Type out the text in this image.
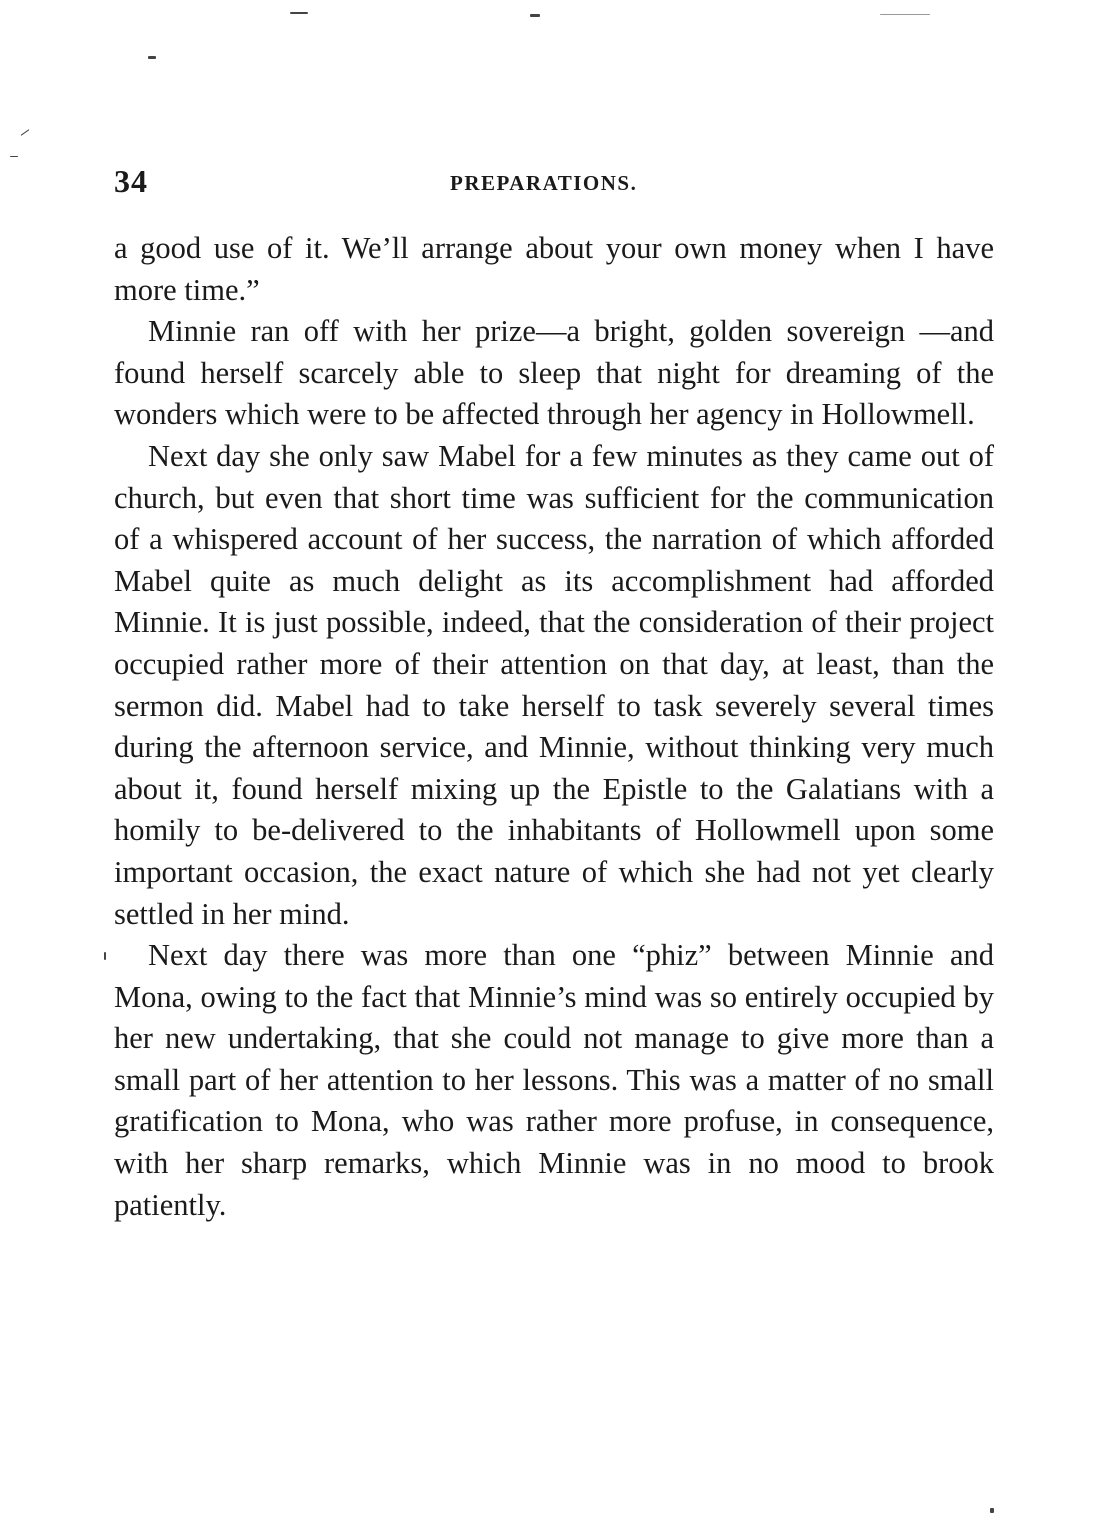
34	PREPARATIONS.

a good use of it. We’ll arrange about your own money when I have more time.”

Minnie ran off with her prize—a bright, golden sovereign —and found herself scarcely able to sleep that night for dreaming of the wonders which were to be affected through her agency in Hollowmell.

Next day she only saw Mabel for a few minutes as they came out of church, but even that short time was sufficient for the communication of a whispered account of her success, the narration of which afforded Mabel quite as much delight as its accomplishment had afforded Minnie. It is just possible, indeed, that the consideration of their project occupied rather more of their attention on that day, at least, than the sermon did. Mabel had to take herself to task severely several times during the afternoon service, and Minnie, without thinking very much about it, found herself mixing up the Epistle to the Galatians with a homily to be-delivered to the inhabitants of Hollowmell upon some important occasion, the exact nature of which she had not yet clearly settled in her mind.

Next day there was more than one “phiz” between Minnie and Mona, owing to the fact that Minnie’s mind was so entirely occupied by her new undertaking, that she could not manage to give more than a small part of her attention to her lessons. This was a matter of no small gratification to Mona, who was rather more profuse, in consequence, with her sharp remarks, which Minnie was in no mood to brook patiently.
